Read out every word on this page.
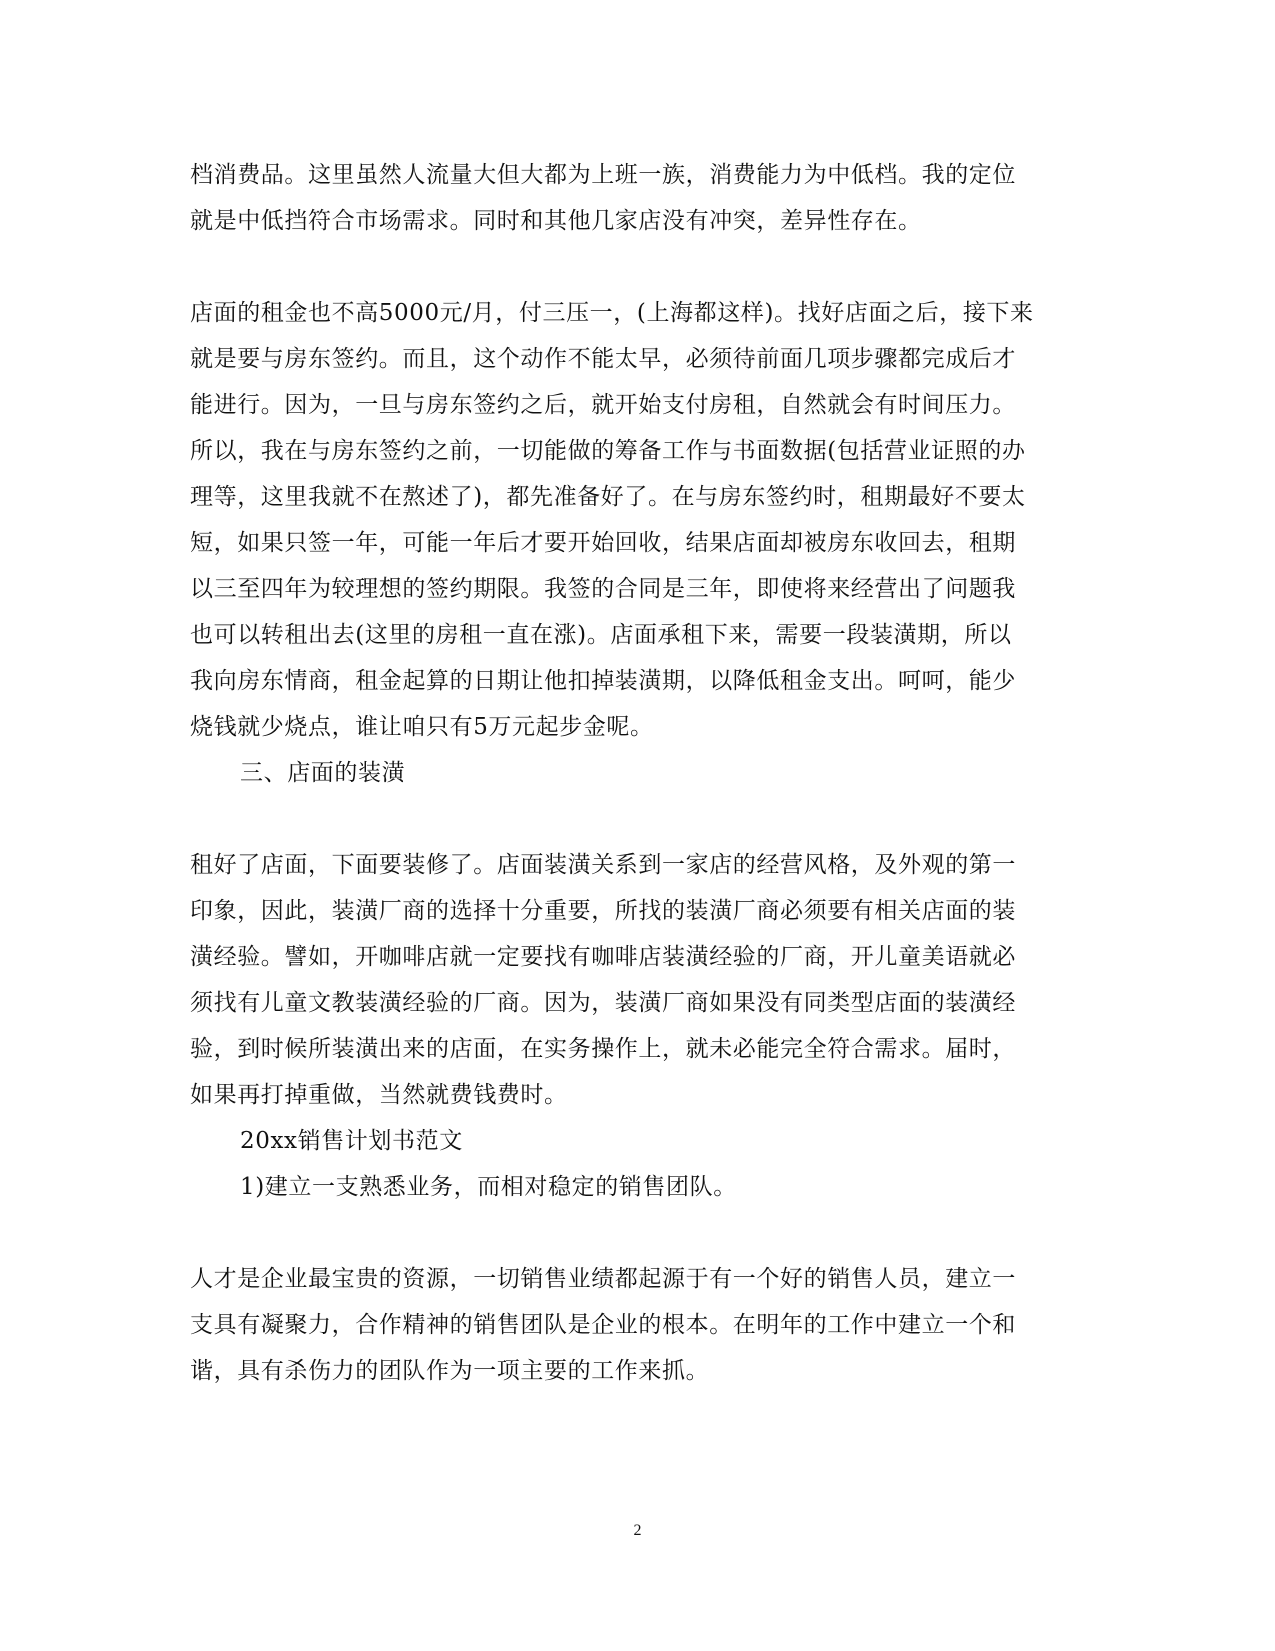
档消费品。这里虽然人流量大但大都为上班一族，消费能力为中低档。我的定位
就是中低挡符合市场需求。同时和其他几家店没有冲突，差异性存在。
店面的租金也不高5000元/月，付三压一，(上海都这样)。找好店面之后，接下来
就是要与房东签约。而且，这个动作不能太早，必须待前面几项步骤都完成后才
能进行。因为，一旦与房东签约之后，就开始支付房租，自然就会有时间压力。
所以，我在与房东签约之前，一切能做的筹备工作与书面数据(包括营业证照的办
理等，这里我就不在熬述了)，都先准备好了。在与房东签约时，租期最好不要太
短，如果只签一年，可能一年后才要开始回收，结果店面却被房东收回去，租期
以三至四年为较理想的签约期限。我签的合同是三年，即使将来经营出了问题我
也可以转租出去(这里的房租一直在涨)。店面承租下来，需要一段装潢期，所以
我向房东情商，租金起算的日期让他扣掉装潢期，以降低租金支出。呵呵，能少
烧钱就少烧点，谁让咱只有5万元起步金呢。
三、店面的装潢
租好了店面，下面要装修了。店面装潢关系到一家店的经营风格，及外观的第一
印象，因此，装潢厂商的选择十分重要，所找的装潢厂商必须要有相关店面的装
潢经验。譬如，开咖啡店就一定要找有咖啡店装潢经验的厂商，开儿童美语就必
须找有儿童文教装潢经验的厂商。因为，装潢厂商如果没有同类型店面的装潢经
验，到时候所装潢出来的店面，在实务操作上，就未必能完全符合需求。届时，
如果再打掉重做，当然就费钱费时。
20xx销售计划书范文
1)建立一支熟悉业务，而相对稳定的销售团队。
人才是企业最宝贵的资源，一切销售业绩都起源于有一个好的销售人员，建立一
支具有凝聚力，合作精神的销售团队是企业的根本。在明年的工作中建立一个和
谐，具有杀伤力的团队作为一项主要的工作来抓。
2
